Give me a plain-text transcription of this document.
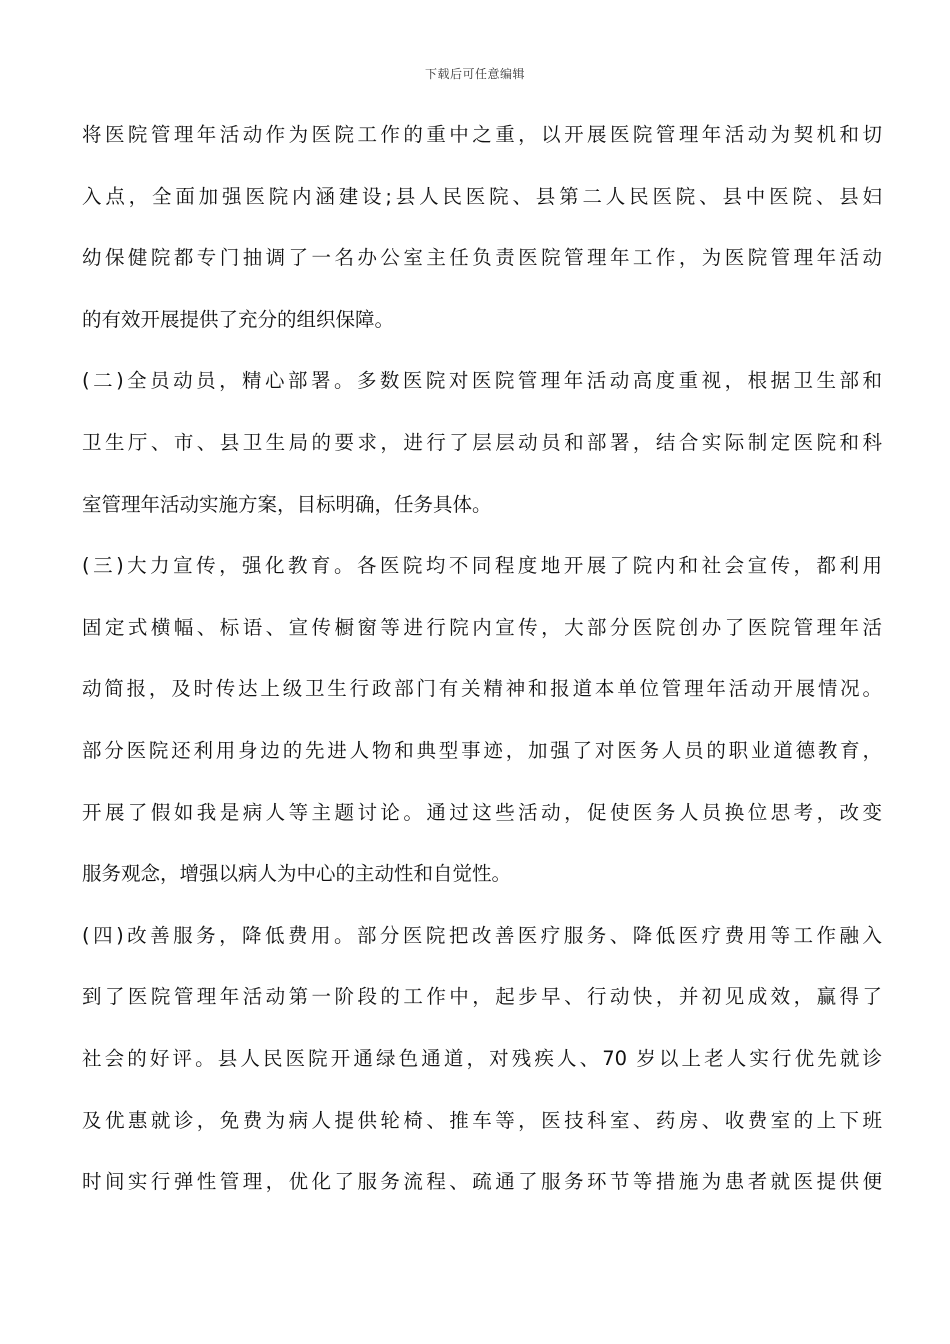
下载后可任意编辑
将医院管理年活动作为医院工作的重中之重，以开展医院管理年活动为契机和切
入点，全面加强医院内涵建设;县人民医院、县第二人民医院、县中医院、县妇
幼保健院都专门抽调了一名办公室主任负责医院管理年工作，为医院管理年活动
的有效开展提供了充分的组织保障。
(二)全员动员，精心部署。多数医院对医院管理年活动高度重视，根据卫生部和
卫生厅、市、县卫生局的要求，进行了层层动员和部署，结合实际制定医院和科
室管理年活动实施方案，目标明确，任务具体。
(三)大力宣传，强化教育。各医院均不同程度地开展了院内和社会宣传，都利用
固定式横幅、标语、宣传橱窗等进行院内宣传，大部分医院创办了医院管理年活
动简报，及时传达上级卫生行政部门有关精神和报道本单位管理年活动开展情况。
部分医院还利用身边的先进人物和典型事迹，加强了对医务人员的职业道德教育，
开展了假如我是病人等主题讨论。通过这些活动，促使医务人员换位思考，改变
服务观念，增强以病人为中心的主动性和自觉性。
(四)改善服务，降低费用。部分医院把改善医疗服务、降低医疗费用等工作融入
到了医院管理年活动第一阶段的工作中，起步早、行动快，并初见成效，赢得了
社会的好评。县人民医院开通绿色通道，对残疾人、70 岁以上老人实行优先就诊
及优惠就诊，免费为病人提供轮椅、推车等，医技科室、药房、收费室的上下班
时间实行弹性管理，优化了服务流程、疏通了服务环节等措施为患者就医提供便
